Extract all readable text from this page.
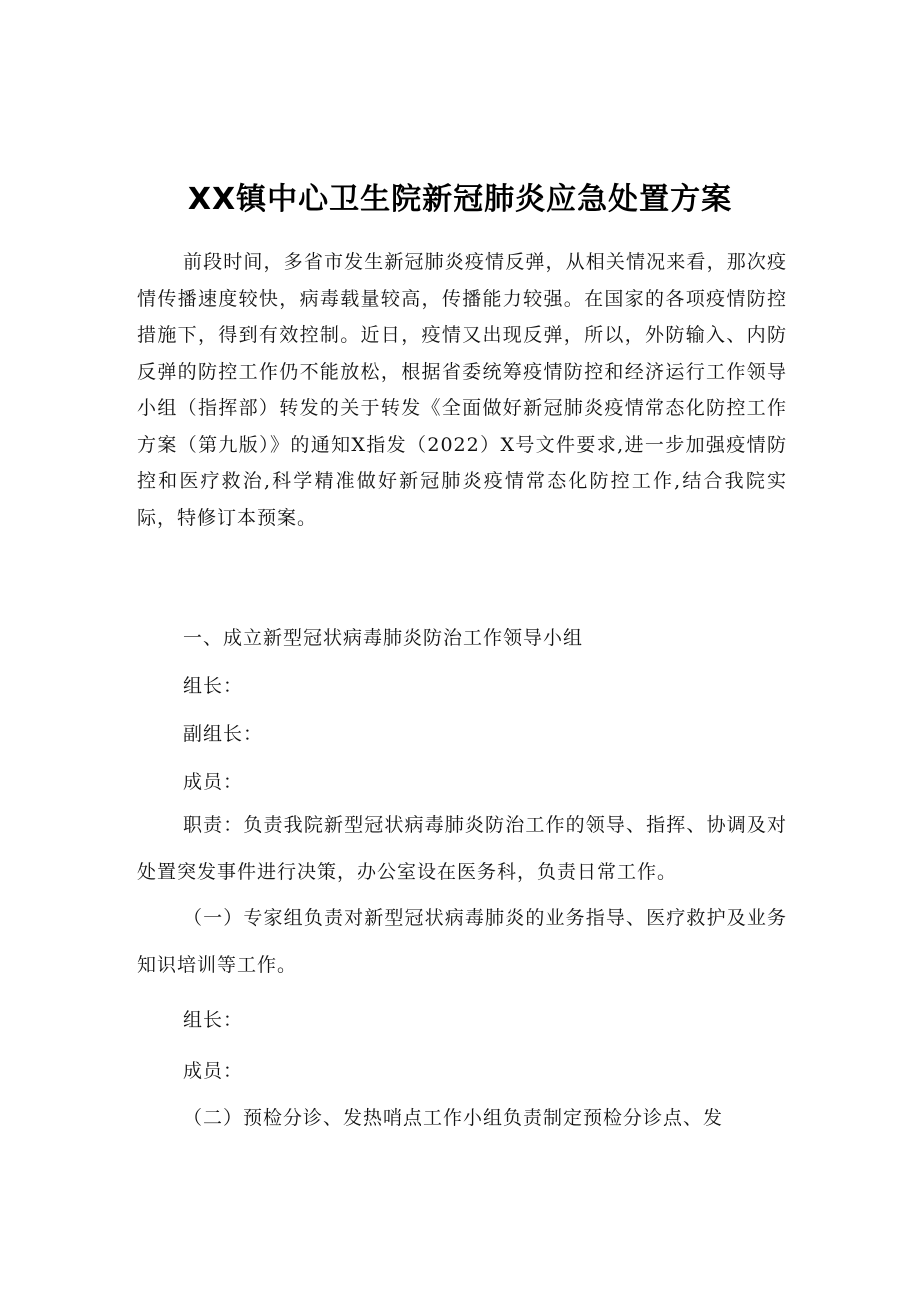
XX镇中心卫生院新冠肺炎应急处置方案

前段时间，多省市发生新冠肺炎疫情反弹，从相关情况来看，那次疫情传播速度较快，病毒载量较高，传播能力较强。在国家的各项疫情防控措施下，得到有效控制。近日，疫情又出现反弹，所以，外防输入、内防反弹的防控工作仍不能放松，根据省委统筹疫情防控和经济运行工作领导小组（指挥部）转发的关于转发《全面做好新冠肺炎疫情常态化防控工作方案（第九版）》的通知X指发（2022）X号文件要求,进一步加强疫情防控和医疗救治,科学精准做好新冠肺炎疫情常态化防控工作,结合我院实际，特修订本预案。

一、成立新型冠状病毒肺炎防治工作领导小组

组长：

副组长：

成员：

职责：负责我院新型冠状病毒肺炎防治工作的领导、指挥、协调及对处置突发事件进行决策，办公室设在医务科，负责日常工作。

（一）专家组负责对新型冠状病毒肺炎的业务指导、医疗救护及业务知识培训等工作。

组长：

成员：

（二）预检分诊、发热哨点工作小组负责制定预检分诊点、发
